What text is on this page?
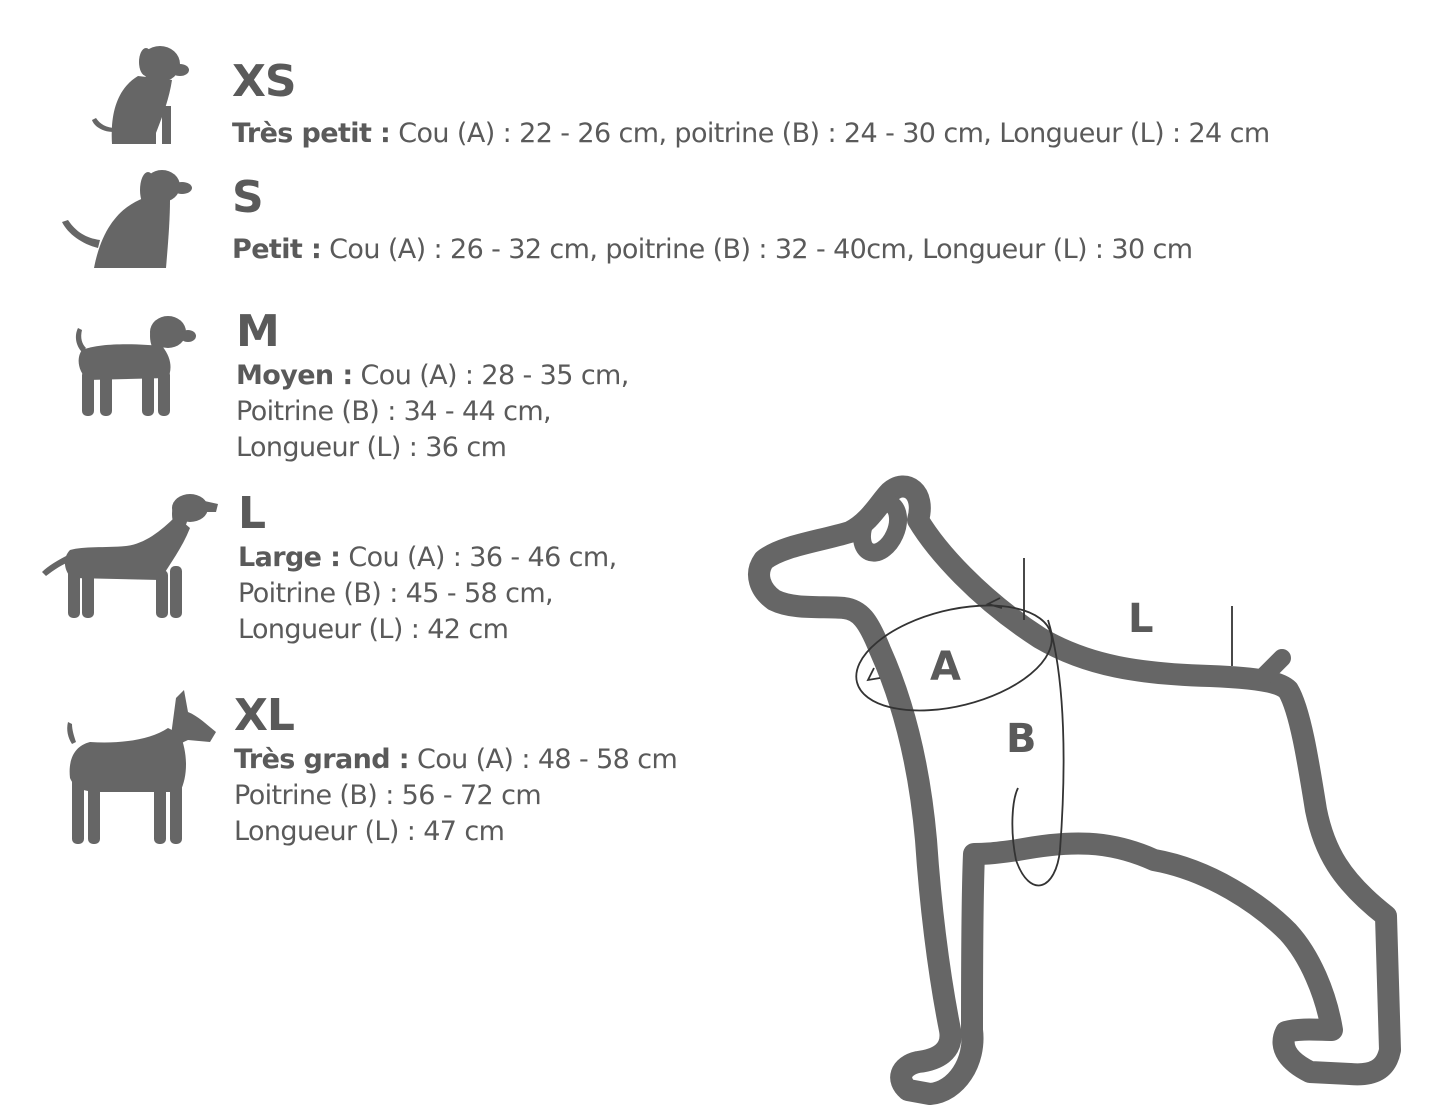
XS
Très petit : Cou (A) : 22 - 26 cm, poitrine (B) : 24 - 30 cm, Longueur (L) : 24 cm
S
Petit : Cou (A) : 26 - 32 cm, poitrine (B) : 32 - 40cm, Longueur (L) : 30 cm
M
Moyen : Cou (A) : 28 - 35 cm,
Poitrine (B) : 34 - 44 cm,
Longueur (L) : 36 cm
L
Large : Cou (A) : 36 - 46 cm,
Poitrine (B) : 45 - 58 cm,
Longueur (L) : 42 cm
XL
Très grand : Cou (A) : 48 - 58 cm
Poitrine (B) : 56 - 72 cm
Longueur (L) : 47 cm
A
B
L
